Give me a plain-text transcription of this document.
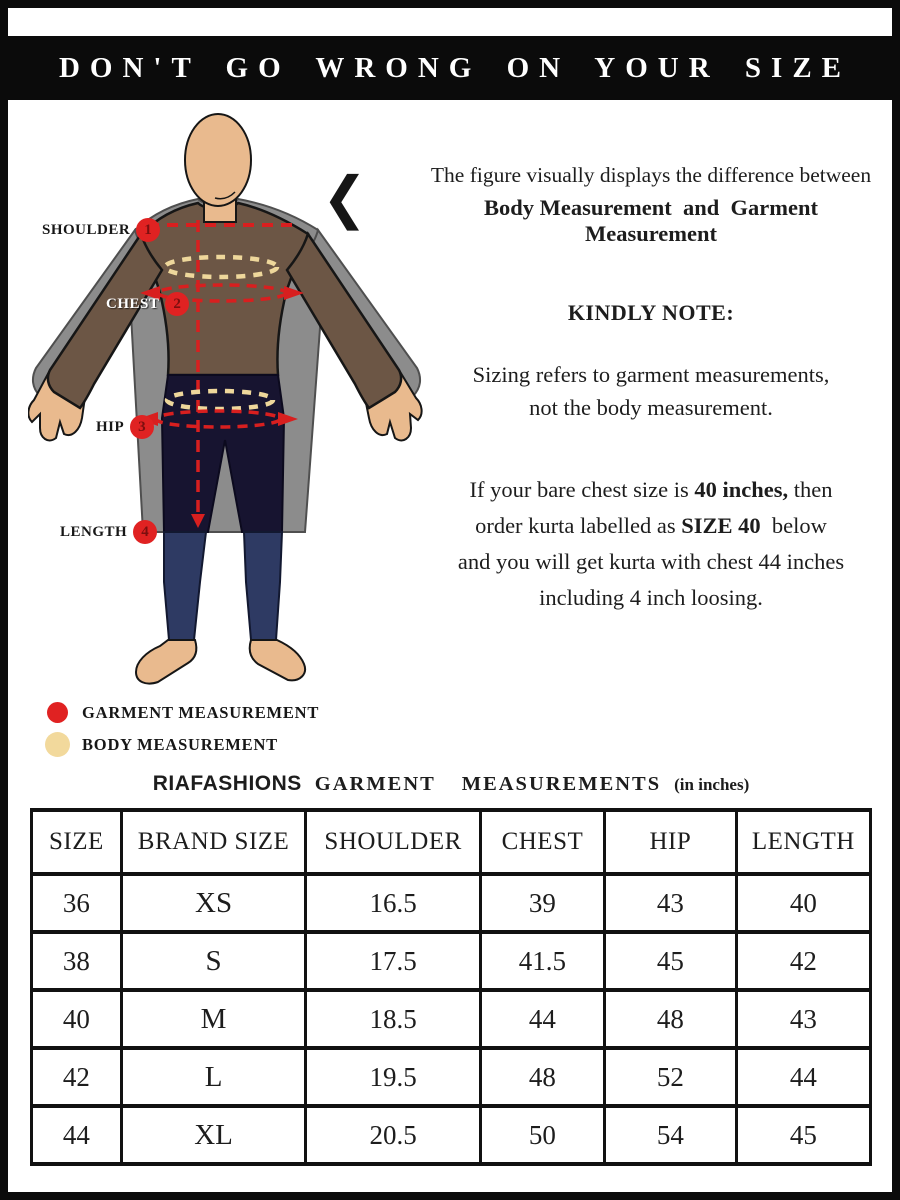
DON'T GO WRONG ON YOUR SIZE
SHOULDER 1
CHEST 2
HIP 3
LENGTH 4
❮	The figure visually displays the difference between
Body Measurement  and  Garment Measurement
KINDLY NOTE:
Sizing refers to garment measurements,
not the body measurement.
If your bare chest size is 40 inches, then
order kurta labelled as SIZE 40  below
and you will get kurta with chest 44 inches
including 4 inch loosing.
GARMENT MEASUREMENT
BODY MEASUREMENT
RIAFASHIONS GARMENT  MEASUREMENTS (in inches)
SIZE	BRAND SIZE	SHOULDER	CHEST	HIP	LENGTH
36	XS	16.5	39	43	40
38	S	17.5	41.5	45	42
40	M	18.5	44	48	43
42	L	19.5	48	52	44
44	XL	20.5	50	54	45
